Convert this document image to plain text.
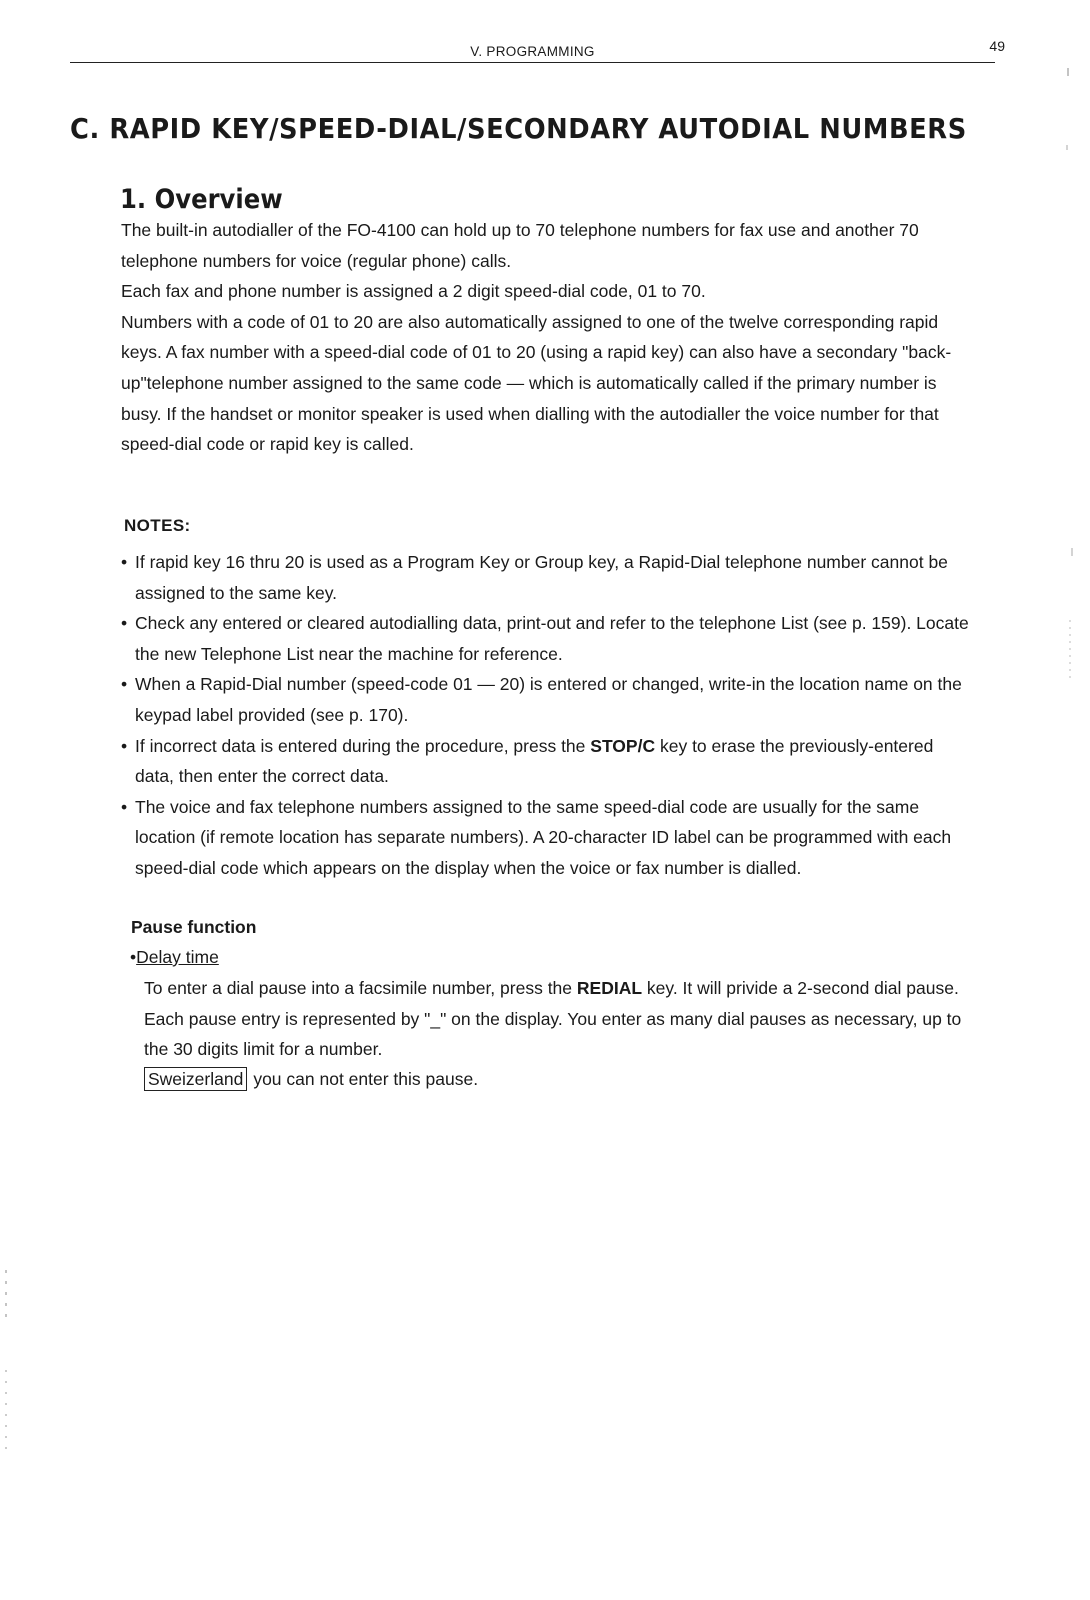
V. PROGRAMMING	49
C. RAPID KEY/SPEED-DIAL/SECONDARY AUTODIAL NUMBERS
1. Overview

The built-in autodialler of the FO-4100 can hold up to 70 telephone numbers for fax use and another 70 telephone numbers for voice (regular phone) calls.

Each fax and phone number is assigned a 2 digit speed-dial code, 01 to 70.

Numbers with a code of 01 to 20 are also automatically assigned to one of the twelve corresponding rapid keys. A fax number with a speed-dial code of 01 to 20 (using a rapid key) can also have a secondary "back-up"telephone number assigned to the same code — which is automatically called if the primary number is busy. If the handset or monitor speaker is used when dialling with the autodialler the voice number for that speed-dial code or rapid key is called.

NOTES:
• If rapid key 16 thru 20 is used as a Program Key or Group key, a Rapid-Dial telephone number cannot be assigned to the same key.
• Check any entered or cleared autodialling data, print-out and refer to the telephone List (see p. 159). Locate the new Telephone List near the machine for reference.
• When a Rapid-Dial number (speed-code 01 — 20) is entered or changed, write-in the location name on the keypad label provided (see p. 170).
• If incorrect data is entered during the procedure, press the STOP/C key to erase the previously-entered data, then enter the correct data.
• The voice and fax telephone numbers assigned to the same speed-dial code are usually for the same location (if remote location has separate numbers). A 20-character ID label can be programmed with each speed-dial code which appears on the display when the voice or fax number is dialled.
Pause function
•Delay time

To enter a dial pause into a facsimile number, press the REDIAL key. It will privide a 2-second dial pause. Each pause entry is represented by "_" on the display. You enter as many dial pauses as necessary, up to the 30 digits limit for a number.

Sweizerland you can not enter this pause.
